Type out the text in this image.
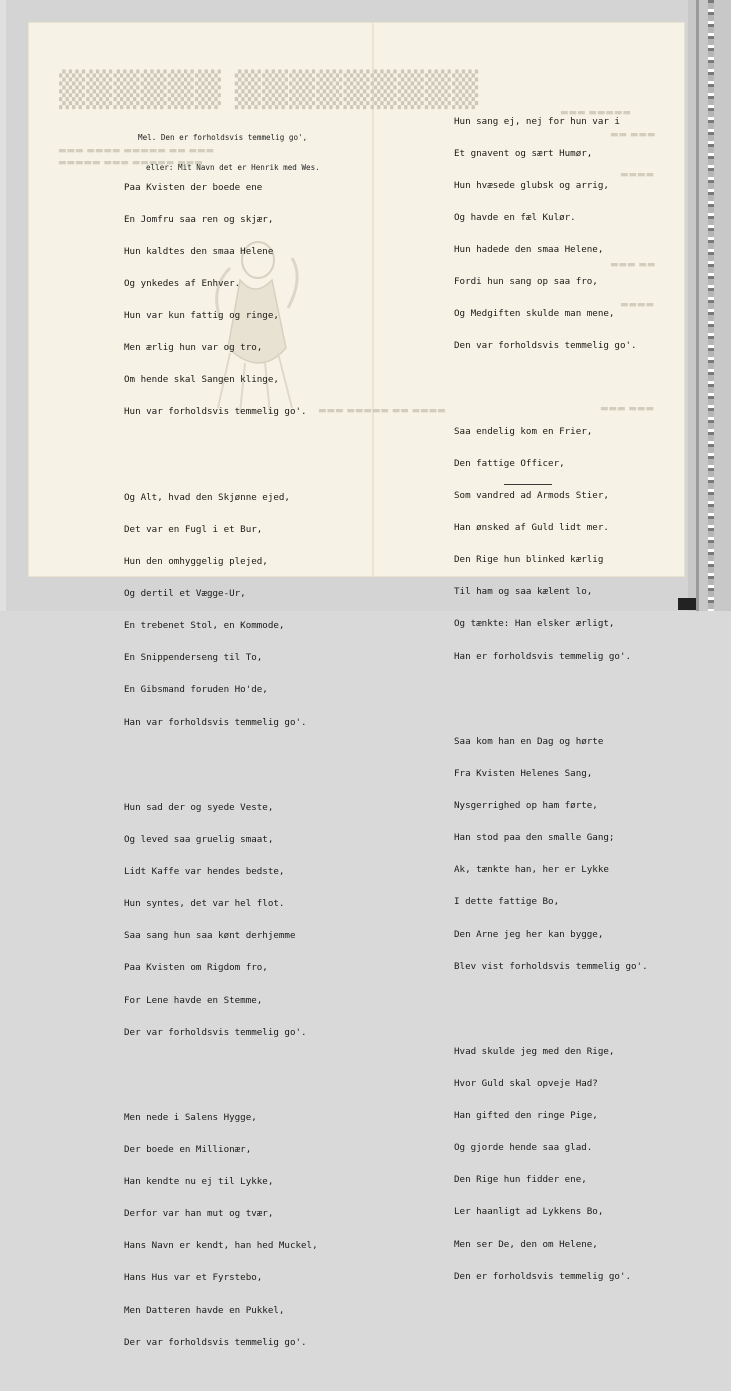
▒▒▒▒▒▒▒▒▒ ▒▒▒▒▒▒
▬▬▬ ▬▬▬▬ ▬▬▬▬▬ ▬▬ ▬▬▬
▬▬▬▬▬ ▬▬▬ ▬▬▬▬▬ ▬▬▬
▬▬▬ ▬▬▬▬▬ ▬▬ ▬▬▬▬
▬▬▬ ▬▬▬▬▬
▬▬ ▬▬▬
▬▬▬▬
▬▬▬ ▬▬
▬▬▬▬
▬▬▬ ▬▬▬

Mel. Den er forholdsvis temmelig go',

eller: Mit Navn det er Henrik med Wes.

Paa Kvisten der boede ene

En Jomfru saa ren og skjær,

Hun kaldtes den smaa Helene

Og ynkedes af Enhver.

Hun var kun fattig og ringe,

Men ærlig hun var og tro,

Om hende skal Sangen klinge,

Hun var forholdsvis temmelig go'.

Og Alt, hvad den Skjønne ejed,

Det var en Fugl i et Bur,

Hun den omhyggelig plejed,

Og dertil et Vægge-Ur,

En trebenet Stol, en Kommode,

En Snippenderseng til To,

En Gibsmand foruden Ho'de,

Han var forholdsvis temmelig go'.

Hun sad der og syede Veste,

Og leved saa gruelig smaat,

Lidt Kaffe var hendes bedste,

Hun syntes, det var hel flot.

Saa sang hun saa kønt derhjemme

Paa Kvisten om Rigdom fro,

For Lene havde en Stemme,

Der var forholdsvis temmelig go'.

Men nede i Salens Hygge,

Der boede en Millionær,

Han kendte nu ej til Lykke,

Derfor var han mut og tvær,

Hans Navn er kendt, han hed Muckel,

Hans Hus var et Fyrstebo,

Men Datteren havde en Pukkel,

Der var forholdsvis temmelig go'.

Hun sang ej, nej for hun var i

Et gnavent og sært Humør,

Hun hvæsede glubsk og arrig,

Og havde en fæl Kulør.

Hun hadede den smaa Helene,

Fordi hun sang op saa fro,

Og Medgiften skulde man mene,

Den var forholdsvis temmelig go'.

Saa endelig kom en Frier,

Den fattige Officer,

Som vandred ad Armods Stier,

Han ønsked af Guld lidt mer.

Den Rige hun blinked kærlig

Til ham og saa kælent lo,

Og tænkte: Han elsker ærligt,

Han er forholdsvis temmelig go'.

Saa kom han en Dag og hørte

Fra Kvisten Helenes Sang,

Nysgerrighed op ham førte,

Han stod paa den smalle Gang;

Ak, tænkte han, her er Lykke

I dette fattige Bo,

Den Arne jeg her kan bygge,

Blev vist forholdsvis temmelig go'.

Hvad skulde jeg med den Rige,

Hvor Guld skal opveje Had?

Han gifted den ringe Pige,

Og gjorde hende saa glad.

Den Rige hun fidder ene,

Ler haanligt ad Lykkens Bo,

Men ser De, den om Helene,

Den er forholdsvis temmelig go'.
